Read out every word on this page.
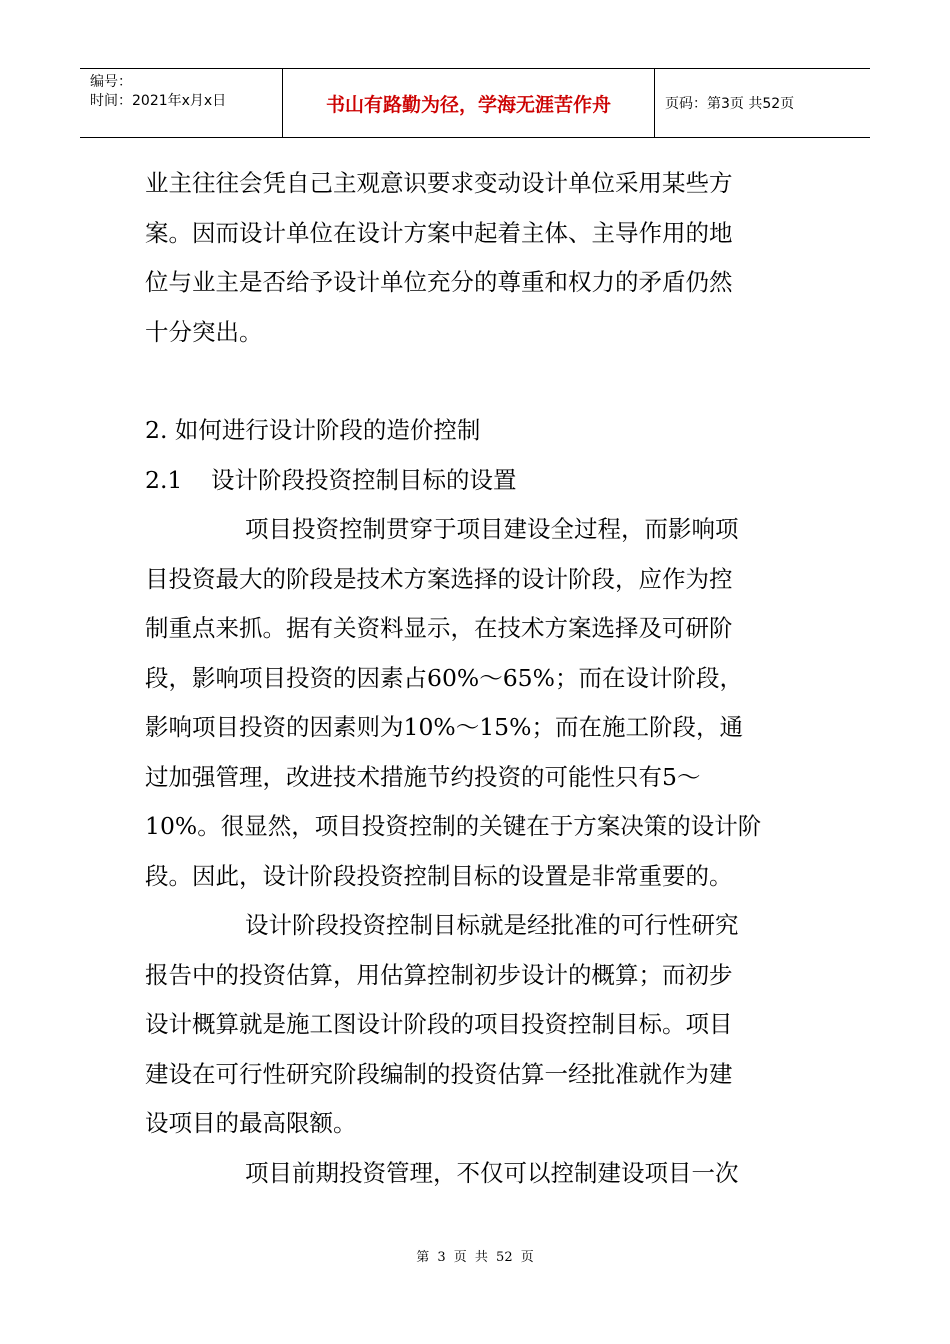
编号：
时间：2021年x月x日	书山有路勤为径，学海无涯苦作舟	页码：第3页 共52页

业主往往会凭自己主观意识要求变动设计单位采用某些方

案。因而设计单位在设计方案中起着主体、主导作用的地

位与业主是否给予设计单位充分的尊重和权力的矛盾仍然

十分突出。

2. 如何进行设计阶段的造价控制

2.1 设计阶段投资控制目标的设置

项目投资控制贯穿于项目建设全过程，而影响项

目投资最大的阶段是技术方案选择的设计阶段，应作为控

制重点来抓。据有关资料显示，在技术方案选择及可研阶

段，影响项目投资的因素占60%～65%；而在设计阶段，

影响项目投资的因素则为10%～15%；而在施工阶段，通

过加强管理，改进技术措施节约投资的可能性只有5～

10%。很显然，项目投资控制的关键在于方案决策的设计阶

段。因此，设计阶段投资控制目标的设置是非常重要的。

设计阶段投资控制目标就是经批准的可行性研究

报告中的投资估算，用估算控制初步设计的概算；而初步

设计概算就是施工图设计阶段的项目投资控制目标。项目

建设在可行性研究阶段编制的投资估算一经批准就作为建

设项目的最高限额。

项目前期投资管理，不仅可以控制建设项目一次

第 3 页 共 52 页
